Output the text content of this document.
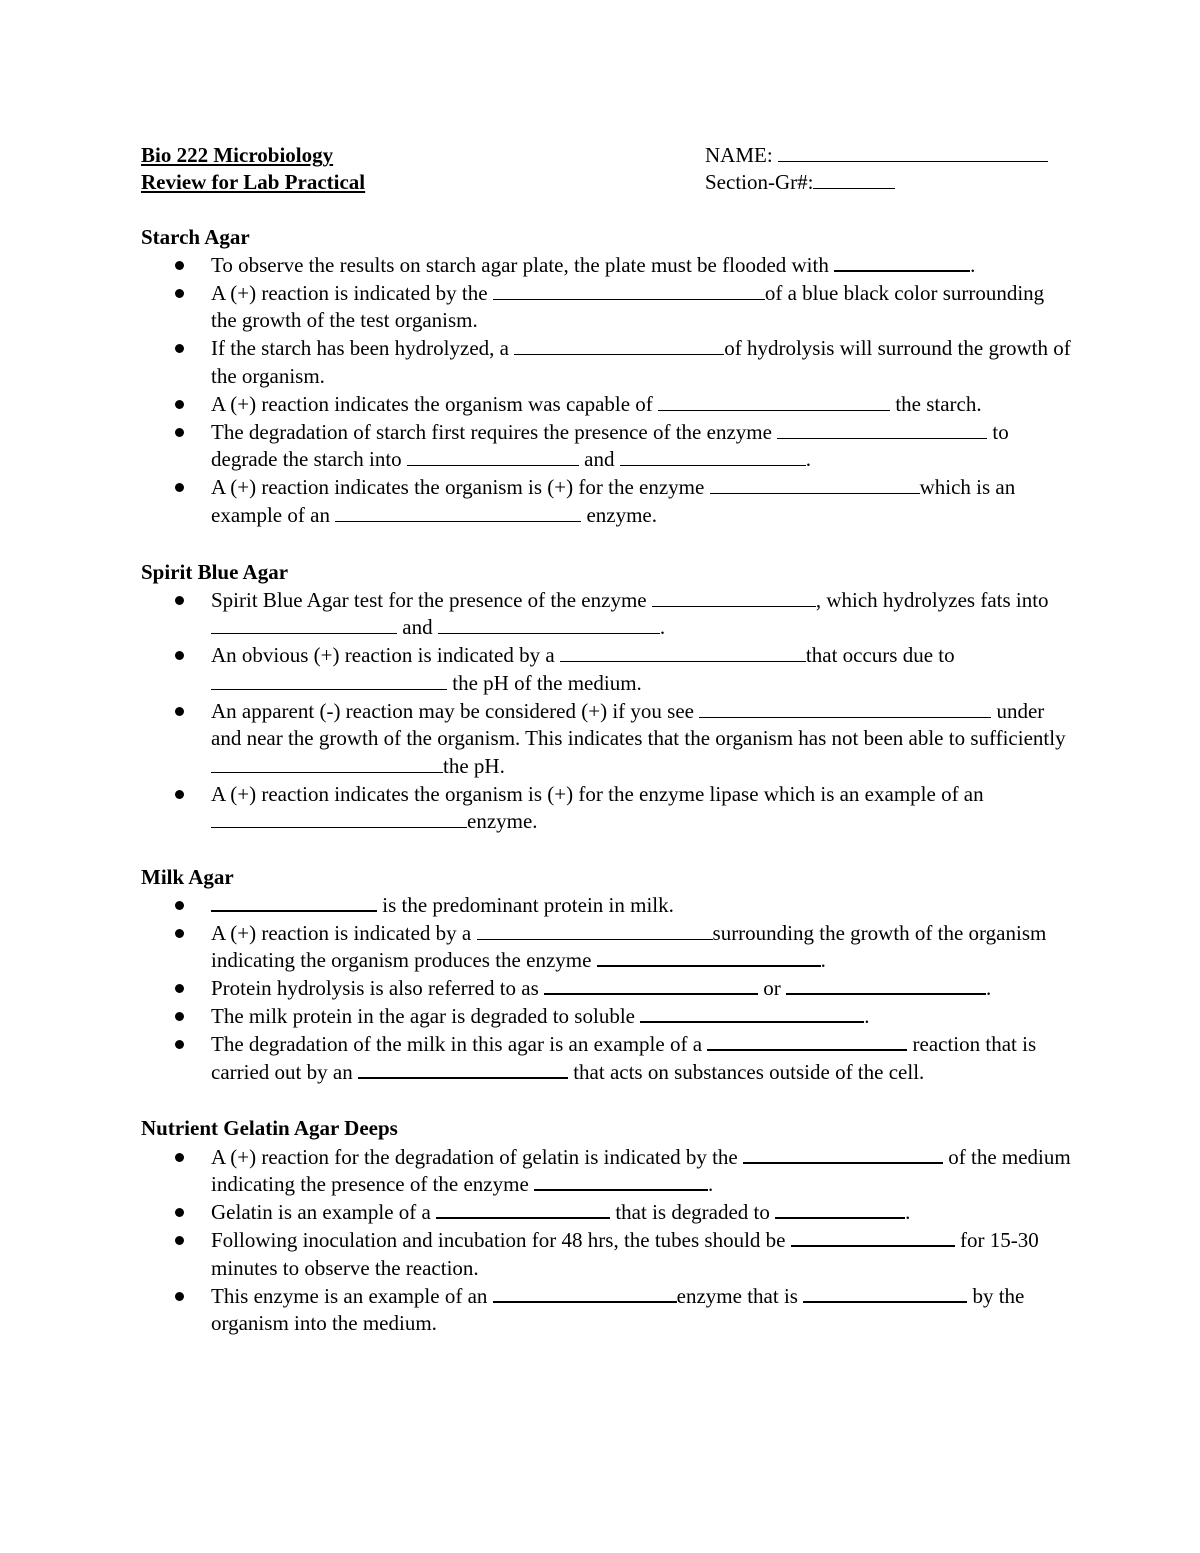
Bio 222 Microbiology
Review for Lab Practical
NAME:
Section-Gr#:
Starch Agar
To observe the results on starch agar plate, the plate must be flooded with	.
A (+) reaction is indicated by the	of a blue black color surrounding the growth of the test organism.
If the starch has been hydrolyzed, a	of hydrolysis will surround the growth of the organism.
A (+) reaction indicates the organism was capable of	the starch.
The degradation of starch first requires the presence of the enzyme	to degrade the starch into	and	.
A (+) reaction indicates the organism is (+) for the enzyme	which is an example of an	enzyme.
Spirit Blue Agar
Spirit Blue Agar test for the presence of the enzyme	, which hydrolyzes fats into  and	.
An obvious (+) reaction is indicated by a	that occurs due to  the pH of the medium.
An apparent (-) reaction may be considered (+) if you see	under and near the growth of the organism. This indicates that the organism has not been able to sufficiently the pH.
A (+) reaction indicates the organism is (+) for the enzyme lipase which is an example of an enzyme.
Milk Agar
is the predominant protein in milk.
A (+) reaction is indicated by a	surrounding the growth of the organism indicating the organism produces the enzyme	.
Protein hydrolysis is also referred to as	or	.
The milk protein in the agar is degraded to soluble	.
The degradation of the milk in this agar is an example of a	reaction that is carried out by an	that acts on substances outside of the cell.
Nutrient Gelatin Agar Deeps
A (+) reaction for the degradation of gelatin is indicated by the	of the medium indicating the presence of the enzyme	.
Gelatin is an example of a	that is degraded to	.
Following inoculation and incubation for 48 hrs, the tubes should be	for 15-30 minutes to observe the reaction.
This enzyme is an example of an	enzyme that is	by the organism into the medium.
